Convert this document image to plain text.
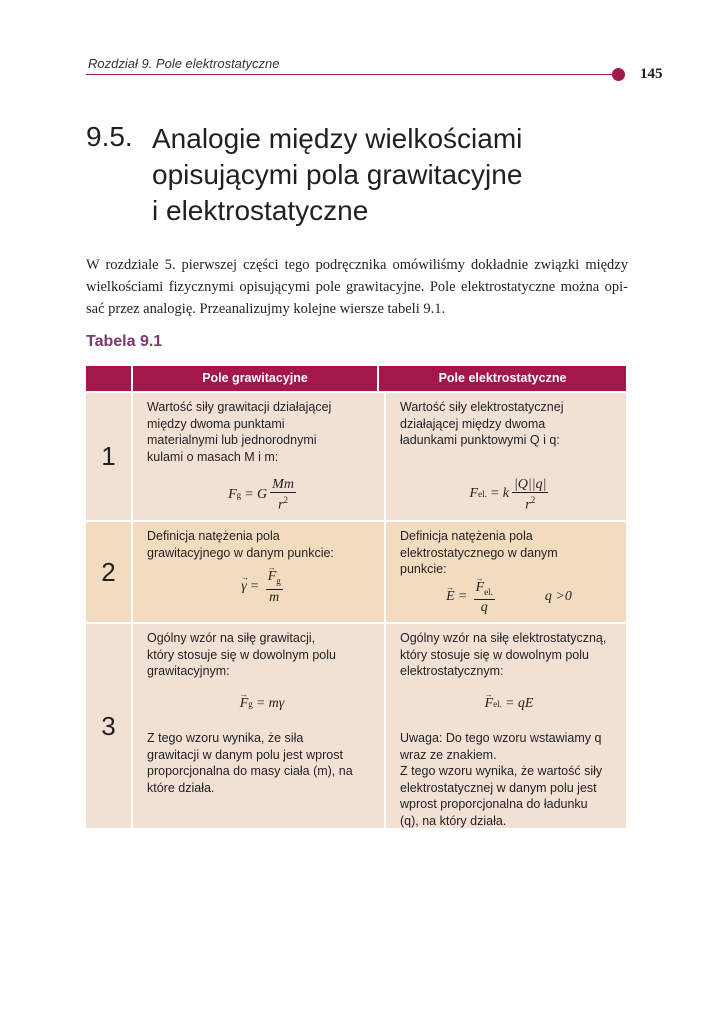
Rozdział 9. Pole elektrostatyczne
145
9.5. Analogie między wielkościami
opisującymi pola grawitacyjne
i elektrostatyczne
W rozdziale 5. pierwszej części tego podręcznika omówiliśmy dokładnie związki między
wielkościami fizycznymi opisującymi pole grawitacyjne. Pole elektrostatyczne można opi-
sać przez analogię. Przeanalizujmy kolejne wiersze tabeli 9.1.
Tabela 9.1
Pole grawitacyjne	Pole elektrostatyczne
1
Wartość siły grawitacji działającej
między dwoma punktami
materialnymi lub jednorodnymi
kulami o masach M i m:
F g = G $\frac{Mm}{r^2}$
Wartość siły elektrostatycznej
działającej między dwoma
ładunkami punktowymi Q i q:
F el. = k $\frac{|Q||q|}{r^2}$
2
Definicja natężenia pola
grawitacyjnego w danym punkcie:
→ γ = → $\frac{F_g}{m}$
Definicja natężenia pola
elektrostatycznego w danym
punkcie:
→ E = → $\frac{F_{el.}}{q}$	q >0
3
Ogólny wzór na siłę grawitacji,
który stosuje się w dowolnym polu
grawitacyjnym:
→ F g = mγ
Z tego wzoru wynika, że siła
grawitacji w danym polu jest wprost
proporcjonalna do masy ciała (m), na
które działa.
Ogólny wzór na siłę elektrostatyczną,
który stosuje się w dowolnym polu
elektrostatycznym:
→ F el. = qE
Uwaga: Do tego wzoru wstawiamy q
wraz ze znakiem.
Z tego wzoru wynika, że wartość siły
elektrostatycznej w danym polu jest
wprost proporcjonalna do ładunku
(q), na który działa.
